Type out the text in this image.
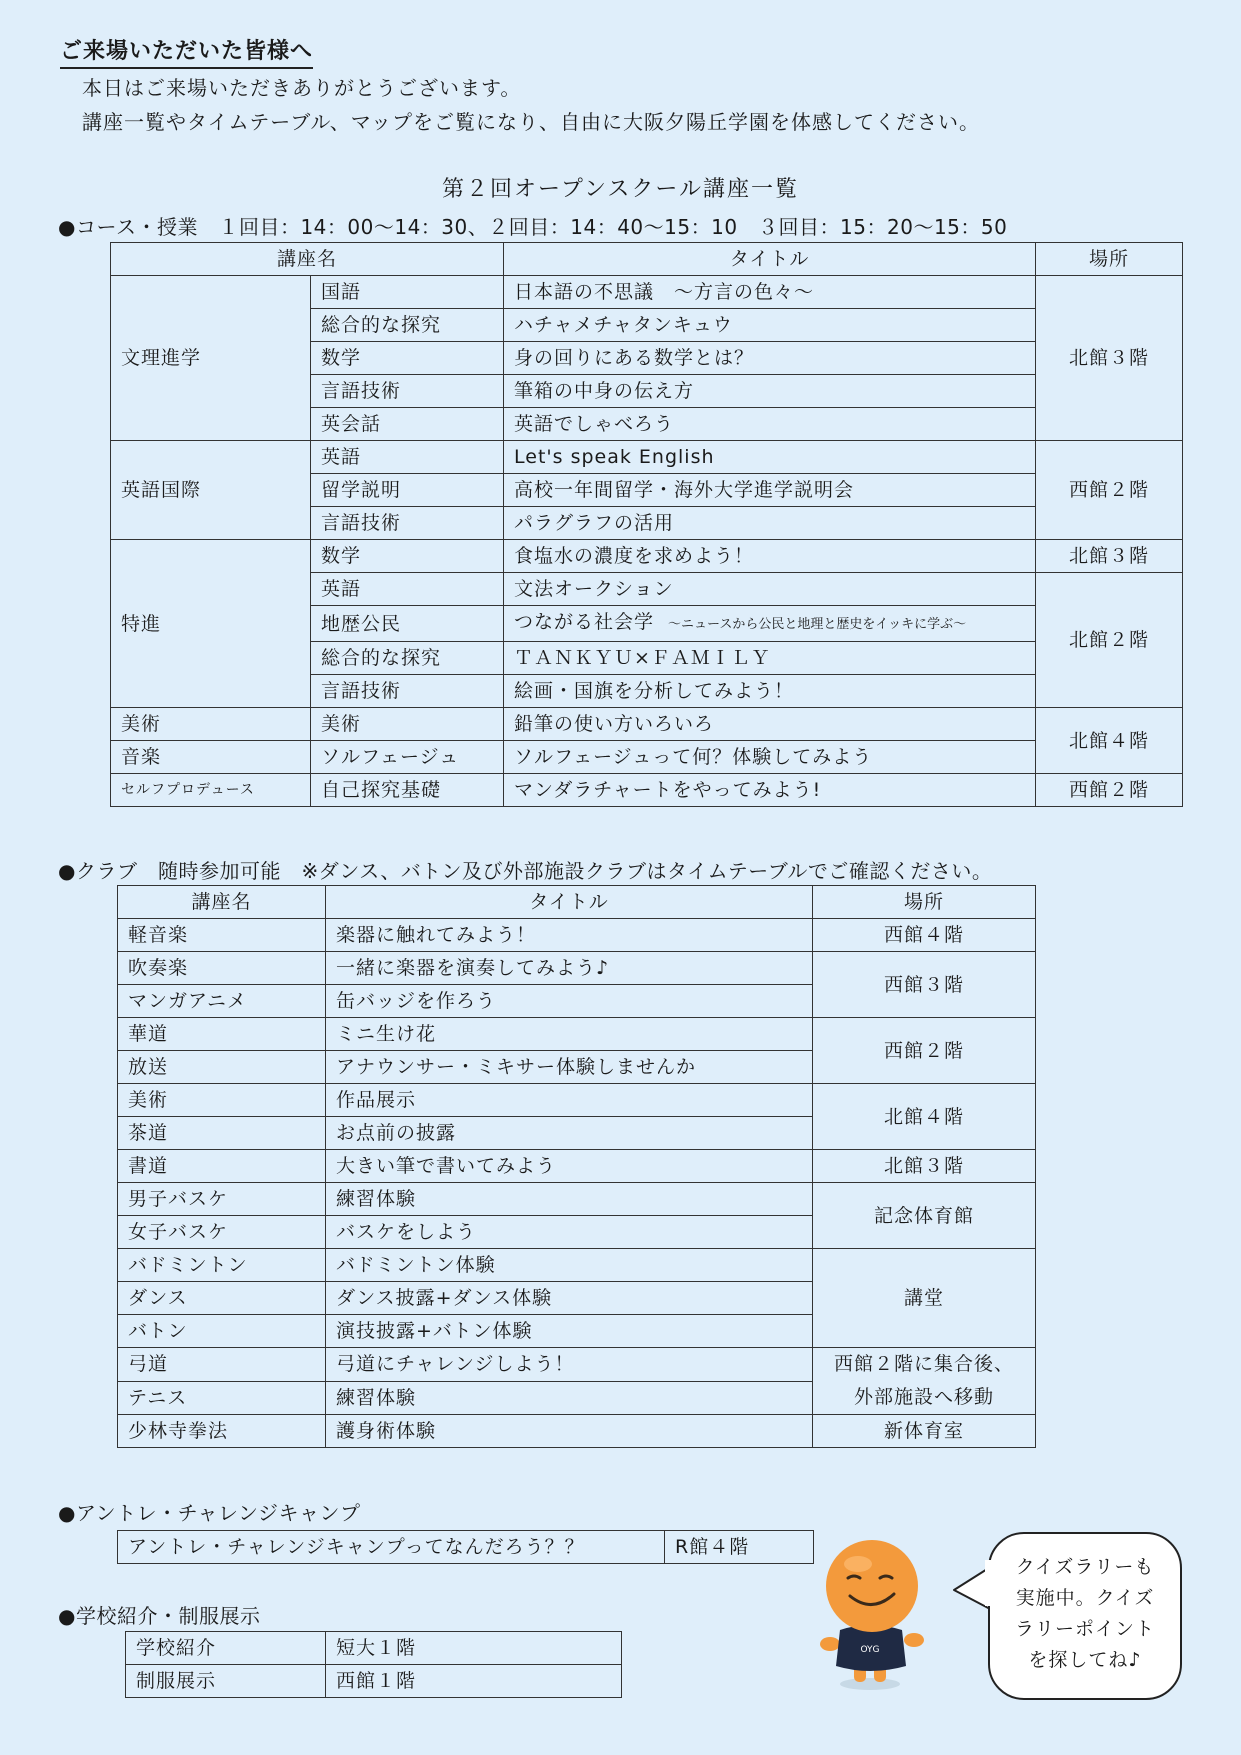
ご来場いただいた皆様へ
本日はご来場いただきありがとうございます。
講座一覧やタイムテーブル、マップをご覧になり、自由に大阪夕陽丘学園を体感してください。
第２回オープンスクール講座一覧
●コース・授業　１回目：14：00～14：30、２回目：14：40～15：10　３回目：15：20～15：50
講座名		タイトル	場所
文理進学	国語	日本語の不思議　～方言の色々～	北館３階
	総合的な探究	ハチャメチャタンキュウ	
	数学	身の回りにある数学とは？	
	言語技術	筆箱の中身の伝え方	
	英会話	英語でしゃべろう	
英語国際	英語	Let's speak English	西館２階
	留学説明	高校一年間留学・海外大学進学説明会	
	言語技術	パラグラフの活用	
特進	数学	食塩水の濃度を求めよう！	北館３階
	英語	文法オークション	北館２階
	地歴公民	つながる社会学 ～ニュースから公民と地理と歴史をイッキに学ぶ～	
	総合的な探究	ＴＡＮＫＹＵ×ＦＡＭＩＬＹ	
	言語技術	絵画・国旗を分析してみよう！	
美術	美術	鉛筆の使い方いろいろ	北館４階
音楽	ソルフェージュ	ソルフェージュって何？体験してみよう	
セルフプロデュース	自己探究基礎	マンダラチャートをやってみよう!	西館２階
●クラブ　随時参加可能　※ダンス、バトン及び外部施設クラブはタイムテーブルでご確認ください。
講座名	タイトル	場所
軽音楽	楽器に触れてみよう！	西館４階
吹奏楽	一緒に楽器を演奏してみよう♪	西館３階
マンガアニメ	缶バッジを作ろう	
華道	ミニ生け花	西館２階
放送	アナウンサー・ミキサー体験しませんか	
美術	作品展示	北館４階
茶道	お点前の披露	
書道	大きい筆で書いてみよう	北館３階
男子バスケ	練習体験	記念体育館
女子バスケ	バスケをしよう	
バドミントン	バドミントン体験	講堂
ダンス	ダンス披露+ダンス体験	
バトン	演技披露+バトン体験	
弓道	弓道にチャレンジしよう！	西館２階に集合後、
外部施設へ移動

テニス	練習体験	
少林寺拳法	護身術体験	新体育室
●アントレ・チャレンジキャンプ
アントレ・チャレンジキャンプってなんだろう？？	R館４階
●学校紹介・制服展示
学校紹介	短大１階
制服展示	西館１階
OYG
クイズラリーも
実施中。クイズ
ラリーポイント
を探してね♪
